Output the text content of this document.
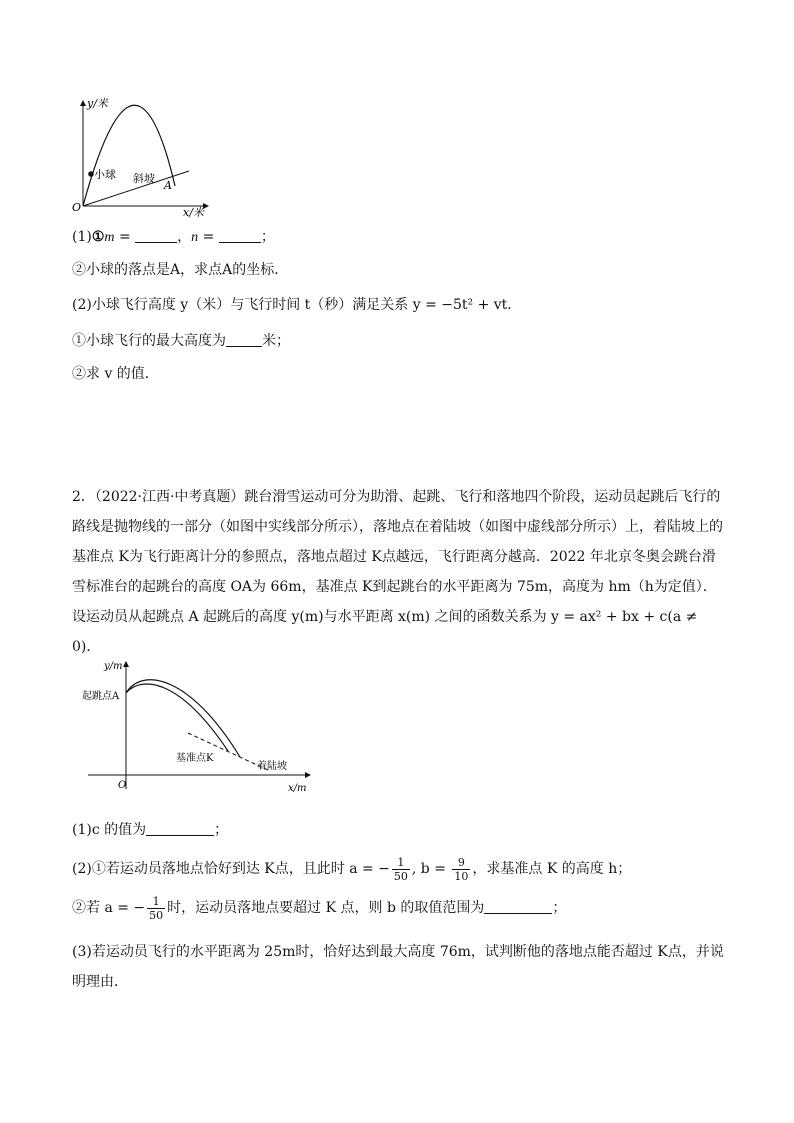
y/米
x/米
O
小球 斜坡
A
(1)①m =	，n =	；
②小球的落点是A，求点A的坐标．
(2)小球飞行高度 y（米）与飞行时间 t（秒）满足关系 y = −5t² + vt．
①小球飞行的最大高度为	米；
②求 v 的值．
2．（2022·江西·中考真题）跳台滑雪运动可分为助滑、起跳、飞行和落地四个阶段，运动员起跳后飞行的路线是抛物线的一部分（如图中实线部分所示），落地点在着陆坡（如图中虚线部分所示）上，着陆坡上的基准点 K为飞行距离计分的参照点，落地点超过 K点越远，飞行距离分越高．2022 年北京冬奥会跳台滑雪标准台的起跳台的高度 OA为 66m，基准点 K到起跳台的水平距离为 75m，高度为 hm（h为定值）．设运动员从起跳点 A 起跳后的高度 y(m)与水平距离 x(m) 之间的函数关系为 y = ax² + bx + c(a ≠ 0)．
y/m
x/m
O
起跳点A
基准点K
着陆坡
(1)c 的值为	；
(2)①若运动员落地点恰好到达 K点，且此时 a = − $\frac{1}{50}$ , $b = \frac{9}{10}$ ，求基准点 K 的高度 h；
②若 a = − $\frac{1}{50}$ 时，运动员落地点要超过 K 点，则 b 的取值范围为	；
(3)若运动员飞行的水平距离为 25m时，恰好达到最大高度 76m，试判断他的落地点能否超过 K点，并说明理由．
